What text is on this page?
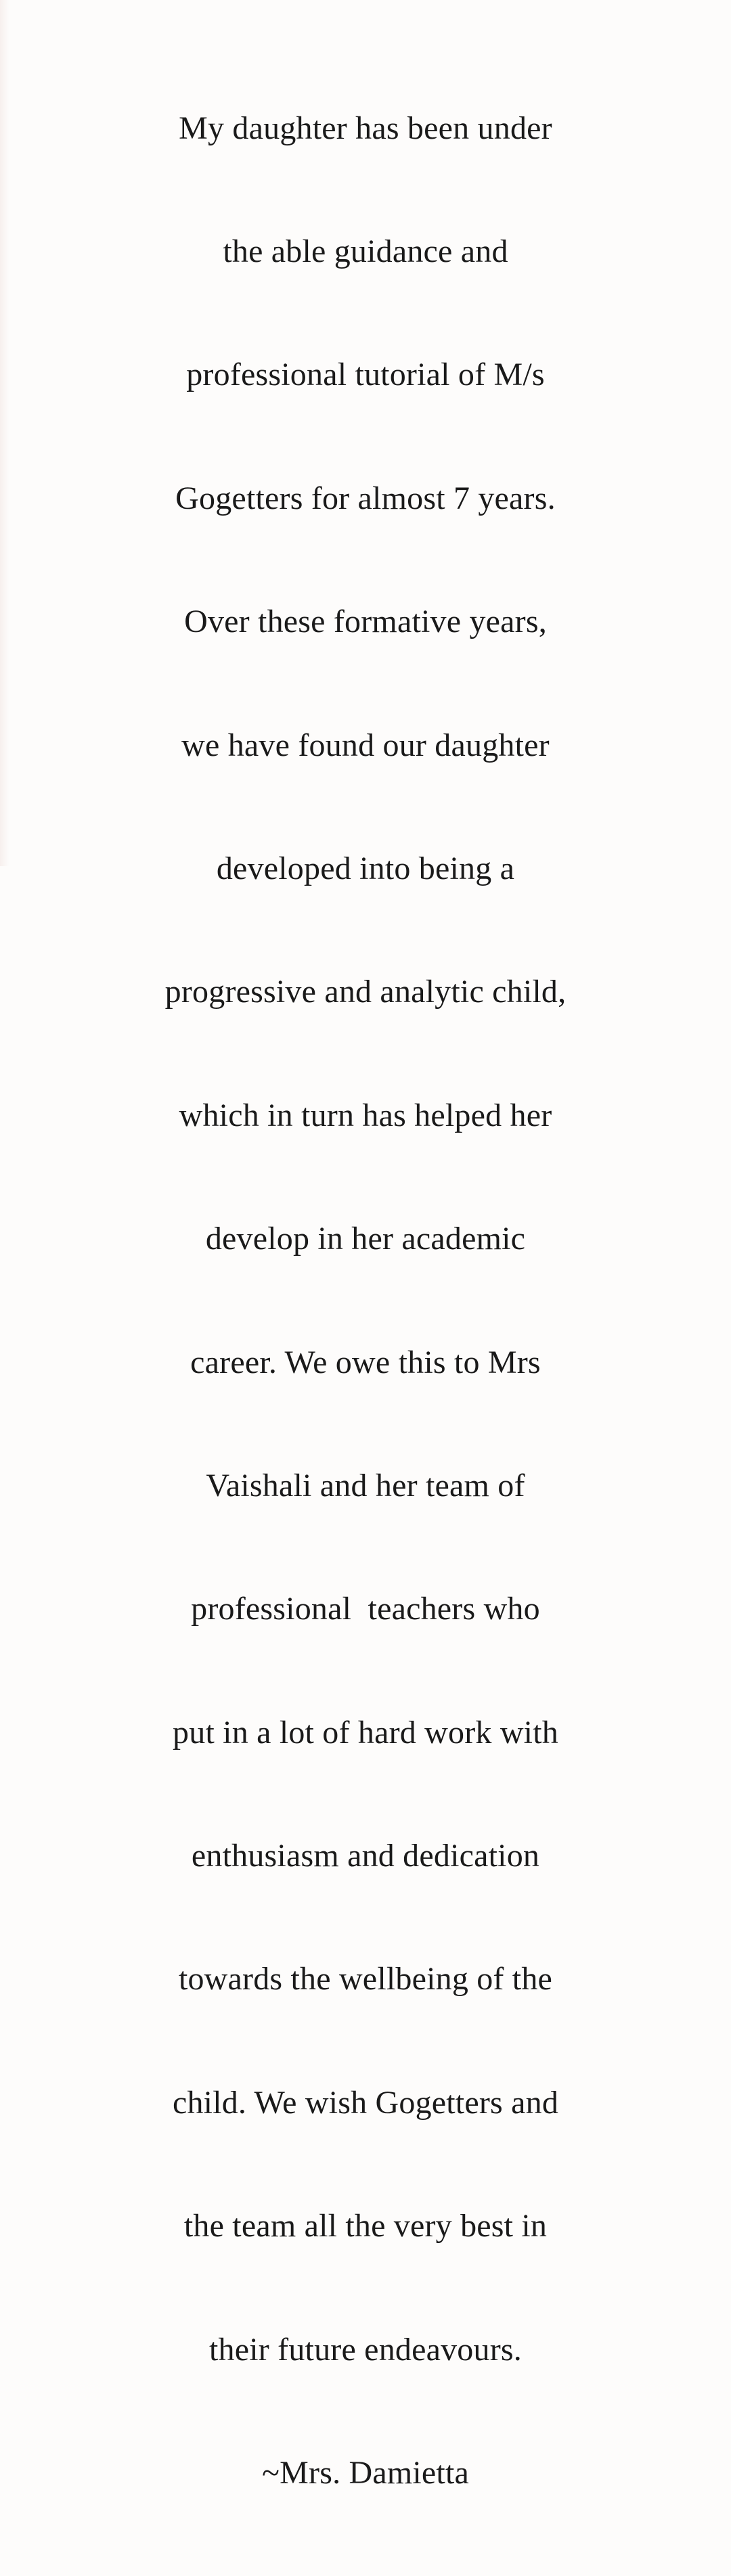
My daughter has been under

the able guidance and

professional tutorial of M/s

Gogetters for almost 7 years.

Over these formative years,

we have found our daughter

developed into being a

progressive and analytic child,

which in turn has helped her

develop in her academic

career. We owe this to Mrs

Vaishali and her team of

professional  teachers who

put in a lot of hard work with

enthusiasm and dedication

towards the wellbeing of the

child. We wish Gogetters and

the team all the very best in

their future endeavours.

~Mrs. Damietta
